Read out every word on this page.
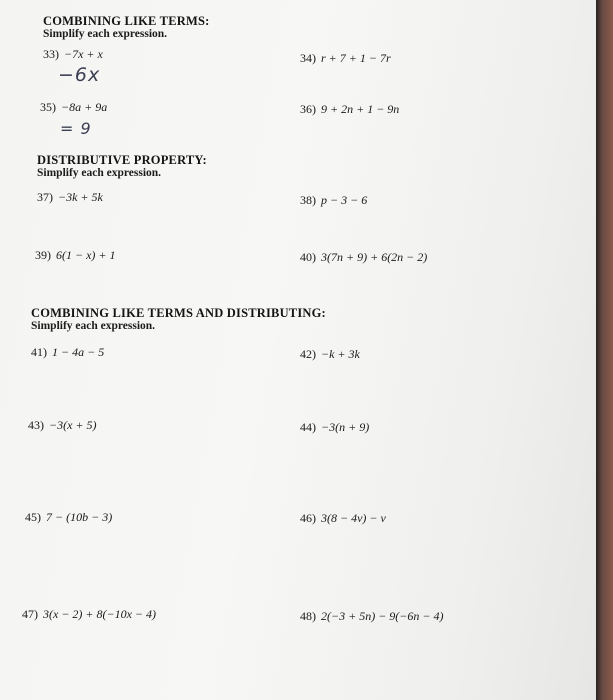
COMBINING LIKE TERMS:
Simplify each expression.
33) −7x + x
−6x
34) r + 7 + 1 − 7r
35) −8a + 9a
= 9
36) 9 + 2n + 1 − 9n
DISTRIBUTIVE PROPERTY:
Simplify each expression.
37) −3k + 5k	38) p − 3 − 6
39) 6(1 − x) + 1	40) 3(7n + 9) + 6(2n − 2)
COMBINING LIKE TERMS AND DISTRIBUTING:
Simplify each expression.
41) 1 − 4a − 5	42) −k + 3k
43) −3(x + 5)	44) −3(n + 9)
45) 7 − (10b − 3)	46) 3(8 − 4v) − v
47) 3(x − 2) + 8(−10x − 4)	48) 2(−3 + 5n) − 9(−6n − 4)
